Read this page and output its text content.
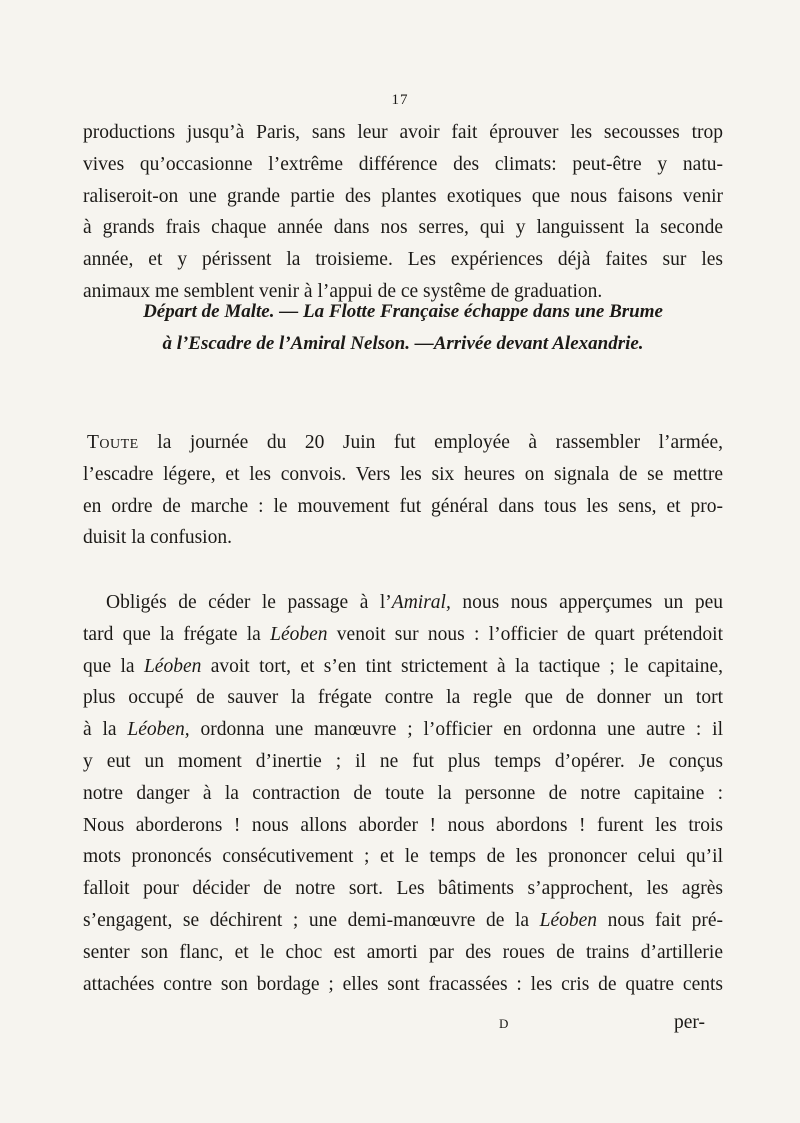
17
productions jusqu’à Paris, sans leur avoir fait éprouver les secousses trop
vives qu’occasionne l’extrême différence des climats: peut-être y natu-
raliseroit-on une grande partie des plantes exotiques que nous faisons venir
à grands frais chaque année dans nos serres, qui y languissent la seconde
année, et y périssent la troisieme. Les expériences déjà faites sur les
animaux me semblent venir à l’appui de ce systême de graduation.
Départ de Malte. — La Flotte Française échappe dans une Brume
à l’Escadre de l’Amiral Nelson. —Arrivée devant Alexandrie.
Toute la journée du 20 Juin fut employée à rassembler l’armée,
l’escadre légere, et les convois. Vers les six heures on signala de se mettre
en ordre de marche : le mouvement fut général dans tous les sens, et pro-
duisit la confusion.
Obligés de céder le passage à l’Amiral, nous nous apperçumes un peu
tard que la frégate la Léoben venoit sur nous : l’officier de quart prétendoit
que la Léoben avoit tort, et s’en tint strictement à la tactique ; le capitaine,
plus occupé de sauver la frégate contre la regle que de donner un tort
à la Léoben, ordonna une manœuvre ; l’officier en ordonna une autre : il
y eut un moment d’inertie ; il ne fut plus temps d’opérer. Je conçus
notre danger à la contraction de toute la personne de notre capitaine :
Nous aborderons ! nous allons aborder ! nous abordons ! furent les trois
mots prononcés consécutivement ; et le temps de les prononcer celui qu’il
falloit pour décider de notre sort. Les bâtiments s’approchent, les agrès
s’engagent, se déchirent ; une demi-manœuvre de la Léoben nous fait pré-
senter son flanc, et le choc est amorti par des roues de trains d’artillerie
attachées contre son bordage ; elles sont fracassées : les cris de quatre cents
D	per-
